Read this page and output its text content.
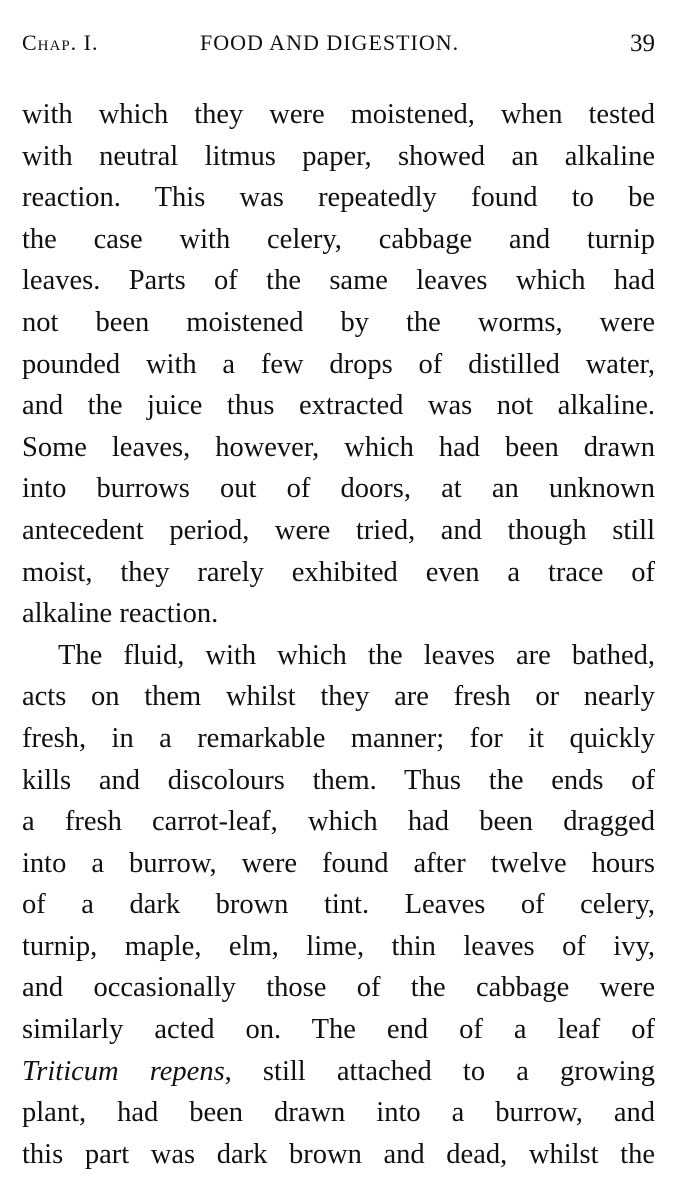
Chap. I.	FOOD AND DIGESTION.	39
with which they were moistened, when tested
with neutral litmus paper, showed an alkaline
reaction. This was repeatedly found to be
the case with celery, cabbage and turnip
leaves. Parts of the same leaves which had
not been moistened by the worms, were
pounded with a few drops of distilled water,
and the juice thus extracted was not alkaline.
Some leaves, however, which had been drawn
into burrows out of doors, at an unknown
antecedent period, were tried, and though still
moist, they rarely exhibited even a trace of
alkaline reaction.
The fluid, with which the leaves are bathed,
acts on them whilst they are fresh or nearly
fresh, in a remarkable manner; for it quickly
kills and discolours them. Thus the ends of
a fresh carrot-leaf, which had been dragged
into a burrow, were found after twelve hours
of a dark brown tint. Leaves of celery,
turnip, maple, elm, lime, thin leaves of ivy,
and occasionally those of the cabbage were
similarly acted on. The end of a leaf of
Triticum repens, still attached to a growing
plant, had been drawn into a burrow, and
this part was dark brown and dead, whilst the
